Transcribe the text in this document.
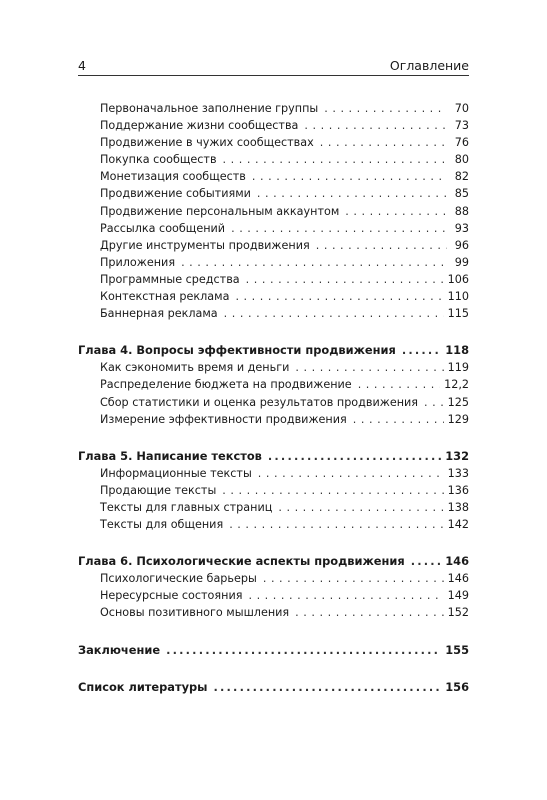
4	Оглавление
Первоначальное заполнение группы . . .	70
Поддержание жизни сообщества . . .	73
Продвижение в чужих сообществах . . .	76
Покупка сообществ . . .	80
Монетизация сообществ . . .	82
Продвижение событиями . . .	85
Продвижение персональным аккаунтом . . .	88
Рассылка сообщений . . .	93
Другие инструменты продвижения . . .	96
Приложения . . .	99
Программные средства . . .	106
Контекстная реклама . . .	110
Баннерная реклама . . .	115
Глава 4. Вопросы эффективности продвижения .....	118
Как сэкономить время и деньги . . .	119
Распределение бюджета на продвижение . . .	12,2
Сбор статистики и оценка результатов продвижения . . .	125
Измерение эффективности продвижения . . .	129
Глава 5. Написание текстов .....	132
Информационные тексты . . .	133
Продающие тексты . . .	136
Тексты для главных страниц . . .	138
Тексты для общения . . .	142
Глава 6. Психологические аспекты продвижения .....	146
Психологические барьеры . . .	146
Нересурсные состояния . . .	149
Основы позитивного мышления . . .	152
Заключение .....	155
Список литературы .....	156
